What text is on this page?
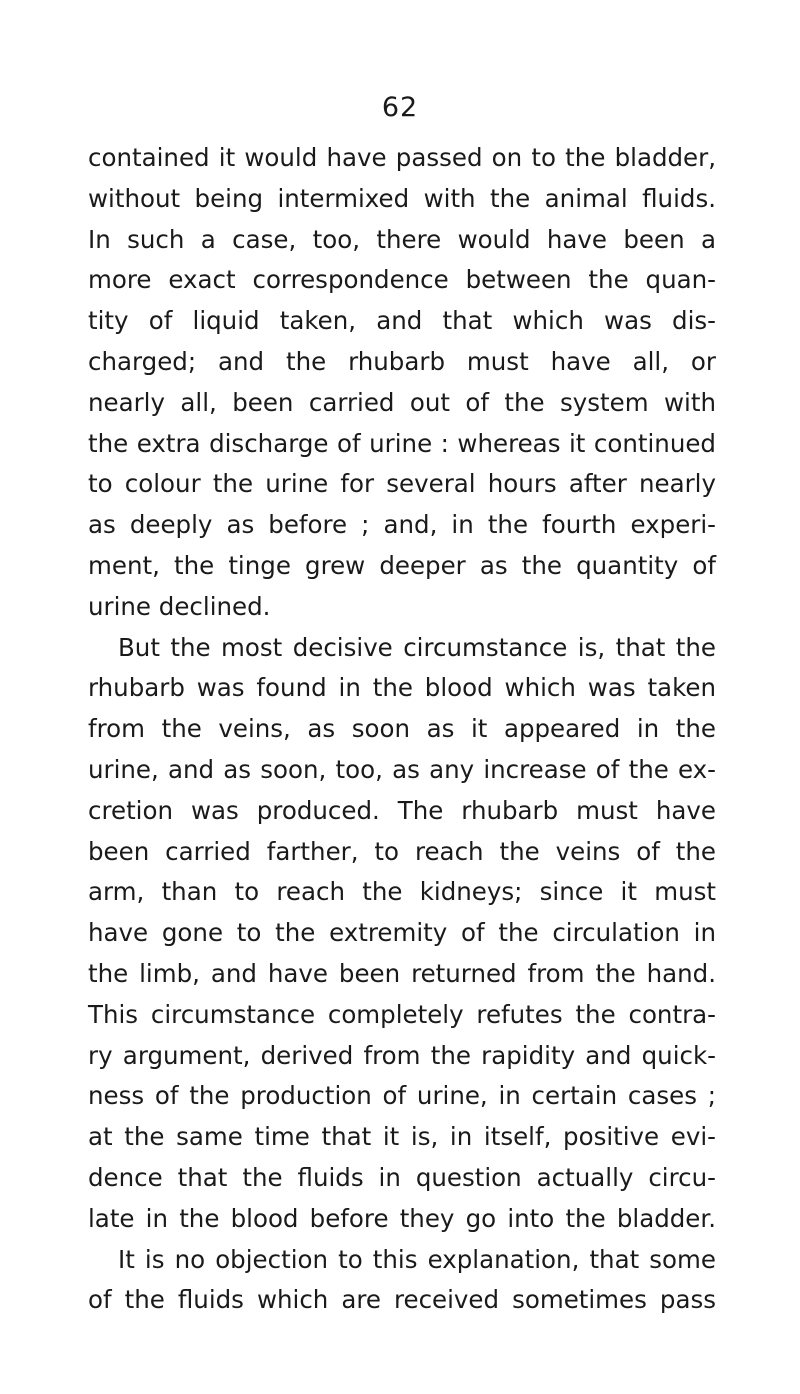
62
contained it would have passed on to the bladder,
without being intermixed with the animal fluids.
In such a case, too, there would have been a
more exact correspondence between the quan-
tity of liquid taken, and that which was dis-
charged; and the rhubarb must have all, or
nearly all, been carried out of the system with
the extra discharge of urine : whereas it continued
to colour the urine for several hours after nearly
as deeply as before ; and, in the fourth experi-
ment, the tinge grew deeper as the quantity of
urine declined.
But the most decisive circumstance is, that the
rhubarb was found in the blood which was taken
from the veins, as soon as it appeared in the
urine, and as soon, too, as any increase of the ex-
cretion was produced. The rhubarb must have
been carried farther, to reach the veins of the
arm, than to reach the kidneys; since it must
have gone to the extremity of the circulation in
the limb, and have been returned from the hand.
This circumstance completely refutes the contra-
ry argument, derived from the rapidity and quick-
ness of the production of urine, in certain cases ;
at the same time that it is, in itself, positive evi-
dence that the fluids in question actually circu-
late in the blood before they go into the bladder.
It is no objection to this explanation, that some
of the fluids which are received sometimes pass
